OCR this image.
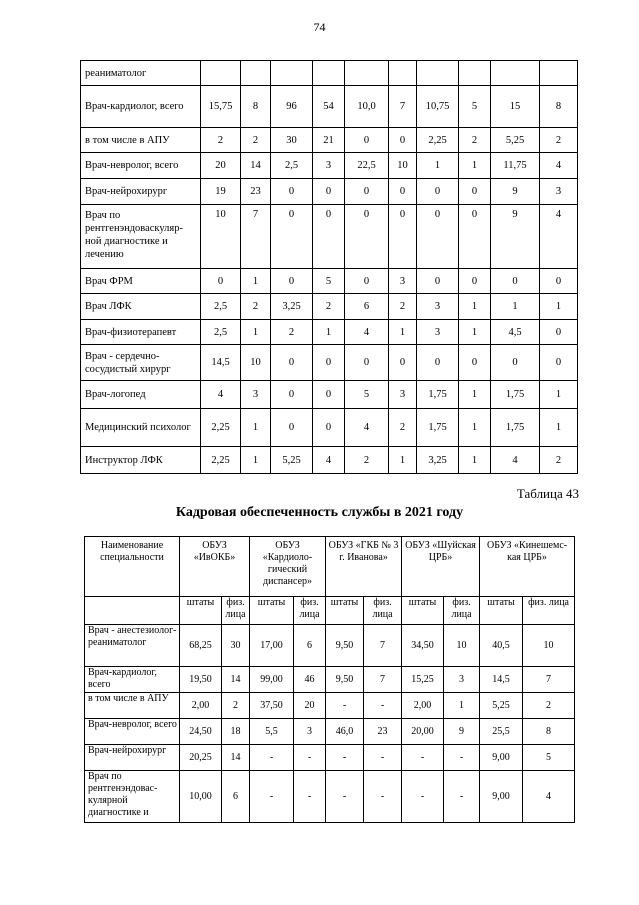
74
реаниматолог										
Врач-кардиолог, всего	15,75	8	96	54	10,0	7	10,75	5	15	8
в том числе в АПУ	2	2	30	21	0	0	2,25	2	5,25	2
Врач-невролог, всего	20	14	2,5	3	22,5	10	1	1	11,75	4
Врач-нейрохирург	19	23	0	0	0	0	0	0	9	3
Врач по рентгенэндоваскуляр-ной диагностике и лечению	10	7	0	0	0	0	0	0	9	4
Врач ФРМ	0	1	0	5	0	3	0	0	0	0
Врач ЛФК	2,5	2	3,25	2	6	2	3	1	1	1
Врач-физиотерапевт	2,5	1	2	1	4	1	3	1	4,5	0
Врач - сердечно-сосудистый хирург	14,5	10	0	0	0	0	0	0	0	0
Врач-логопед	4	3	0	0	5	3	1,75	1	1,75	1
Медицинский психолог	2,25	1	0	0	4	2	1,75	1	1,75	1
Инструктор ЛФК	2,25	1	5,25	4	2	1	3,25	1	4	2
Таблица 43
Кадровая обеспеченность службы в 2021 году
Наименование специальности	ОБУЗ «ИвОКБ»		ОБУЗ «Кардиоло-гический диспансер»		ОБУЗ «ГКБ № 3 г. Иванова»		ОБУЗ «Шуйская ЦРБ»		ОБУЗ «Кинешемс-кая ЦРБ»	
	штаты	физ. лица	штаты	физ. лица	штаты	физ. лица	штаты	физ. лица	штаты	физ. лица
Врач - анестезиолог-реаниматолог	68,25	30	17,00	6	9,50	7	34,50	10	40,5	10
Врач-кардиолог, всего	19,50	14	99,00	46	9,50	7	15,25	3	14,5	7
в том числе в АПУ	2,00	2	37,50	20	-	-	2,00	1	5,25	2
Врач-невролог, всего	24,50	18	5,5	3	46,0	23	20,00	9	25,5	8
Врач-нейрохирург	20,25	14	-	-	-	-	-	-	9,00	5
Врач по рентгенэндовас-кулярной диагностике и	10,00	6	-	-	-	-	-	-	9,00	4
